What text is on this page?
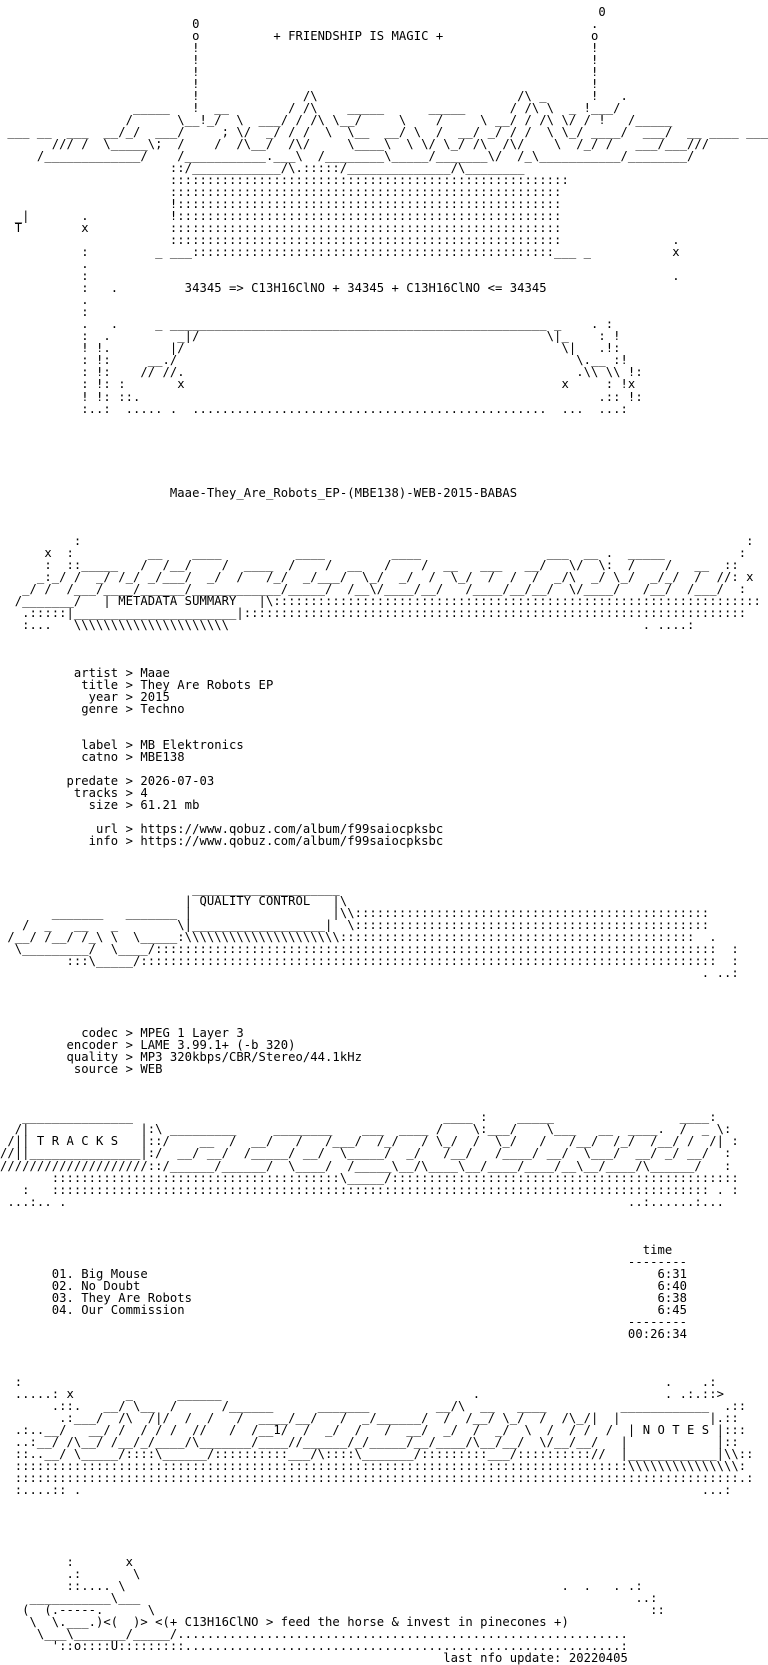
0
0                                                     .
o          + FRIENDSHIP IS MAGIC +                    o
!                                                     !
!                                                     !
!                                                     !
!                                                     !
!              /\                           /\ _      !   .
_____   !  __        / /\    _____      _____      / /\ \  _ !___/
/      \__!_/  \  ___/ / /\ \__/     \    /     \ __/ / /\ \/ / !   /_____
___ __  ___  __/_/  ___/     ; \/  _/ / /  \  \__  __/ \  /  __/ _/ / /  \ \_/ ____/  ___/  __ ____ ___
/// /  \_____\;  /    /  /\__/  /\/     \____\  \ \/ \_/ /\  /\/    \  /_/ /   ___/___///
/_____________/    /___________.___\  /________\_____/_______\/  /_\___________/________/
::/____________/\.:::::/______________/\________
::::::::::::::::::::::::::::::::::::::::::::::::::::::
:::::::::::::::::::::::::::::::::::::::::::::::::::::
!::::::::::::::::::::::::::::::::::::::::::::::::::::
_|       .           !::::::::::::::::::::::::::::::::::::::::::::::::::::
T        x           :::::::::::::::::::::::::::::::::::::::::::::::::::::
:::::::::::::::::::::::::::::::::::::::::::::::::::::               .
:         _ ___:::::::::::::::::::::::::::::::::::::::::::::::::___ _           x
.
:                                                                               .
:   .         34345 => C13H16ClNO + 34345 + C13H16ClNO <= 34345
.
:
.   .     _ ___________________________________________________ _    . :
:  .         _|/                                               \|_    : !
! !.        |/                                                   \|   .!:
: !:     __./                                                      \.__ :!
: !:    // //.                                                     .\\ \\ !:
: !: :       x                                                   x     : !x
! !: ::.                                                              .:: !:
:..:  ..... .  ................................................  ...  ...:

Maae-They_Are_Robots_EP-(MBE138)-WEB-2015-BABAS

:                                                                                          :
x  :          __    ____          ____         ____                 ___  __ .  _____          :
:  ::_____   /  /__/    /  ____  /    /  __   /    /  __   ___   __/   \/  \:  /    /   __  ::
_:_/ /  _/ /_/ _/___/  _/  /   /_/  _/___/  \_/  _/  /  \_/  /  /  /  _/\  _/ \_/  _/_/  /  //: x
_/ /  /___/____/______/____________/_____/  /__\/____/__/   /____/__/__/  \/____/   /__/  /___/  :
/_______/   | METADATA SUMMARY   |\::::::::::::::::::::::::::::::::::::::::::::::::::::::::::::::::::
.:::::|______________________|::::::::::::::::::::::::::::::::::::::::::::::::::::::::::::::::::::
:...   \\\\\\\\\\\\\\\\\\\\\                                                        . ....:

artist > Maae
title > They Are Robots EP
year > 2015
genre > Techno

label > MB Elektronics
catno > MBE138

predate > 2026-07-03
tracks > 4
size > 61.21 mb

url > https://www.qobuz.com/album/f99saiocpksbc
info > https://www.qobuz.com/album/f99saiocpksbc

____________________
| QUALITY CONTROL   |\
_______   _______ |                   |\\::::::::::::::::::::::::::::::::::::::::::::::::
/  _   __   _        \|__________________|  \::::::::::::::::::::::::::::::::::::::::::::::::
/__/ /__/ /_\ \  \_____:\\\\\\\\\\\\\\\\\\\\\::::::::::::::::::::::::::::::::::::::::::::::::  .
\_________/  \____/::::::::::::::::::::::::::::::::::::::::::::::::::::::::::::::::::::::::::::  :
:::\_____/::::::::::::::::::::::::::::::::::::::::::::::::::::::::::::::::::::::::::::::  :
. ..:

codec > MPEG 1 Layer 3
encoder > LAME 3.99.1+ (-b 320)
quality > MP3 320kbps/CBR/Stereo/44.1kHz
source > WEB

_______________                                          ____ :    _____                 ____:
/|               |:\ _________     ________    ___  ____ /    \:___/    \___   __  ____.  /  _ \:
/|| T R A C K S   |::/    __  /  __/   /   /___/  /_/   / \_/  /  \_/   /   /__/  /_/  /__/ /  /| :
//||_______________|:/  __/ __/  /_____/ __/  \_____/  _/   /__/   /____/ __/  \___/  __/ _/ __/  :
////////////////////::/______/______/  \____/  /_____\__/\____\__/____/____/__\__/____/\______/   :
:::::::::::::::::::::::::::::::::::::::\_____/:::::::::::::::::::::::::::::::::::::::::::::::
:   ::::::::::::::::::::::::::::::::::::::::::::::::::::::::::::::::::::::::::::::::::::::::: . :
...:.. .                                                                            ..:......:...

time
--------
01. Big Mouse                                                                     6:31
02. No Doubt                                                                      6:40
03. They Are Robots                                                               6:38
04. Our Commission                                                                6:45
--------
00:26:34

:                                                                                       .    .:
.....: x       _      ______                                  .                         . .:.::>
.::.   __/ \__  /      /______      _______         __/\  __   ____          ____________  .::
.:___/  /\  /|/  /  /   /  ____/__/   /  _/______/  /  /__/ \_/  /  /\_/|  |            |.::
.:..__/   __/ /  / / /  //   /  /__1/  /  _/  /   /  __/  _/  /  _/  \  /  / /  /  | N O T E S |:::
..:__/ /\__/ /__/_/____/\_______/____//______/_/_____/__/____/\__/__/  \/__/__/   |            |::
::..__/ \_____/::::\______/::::::::::___/\::::\_______/:::::::::___/:::::::::://  |____________|\\::
:::::::::::::::::::::::::::::::::::::::::::::::::::::::::::::::::::::::::::::::::::\\\\\\\\\\\\\\\:
::::::::::::::::::::::::::::::::::::::::::::::::::::::::::::::::::::::::::::::::::::::::::::::::::.:
:....:: .                                                                                    ...:

:       x
.:       \
::.... \                                                           .  .   . .:
___________\___                                                                   ..:
(  (.-----.      \                                                                   ::
\  \.___.)<(  )> <(+ C13H16ClNO > feed the horse & invest in pinecones +)
\___\_______/_____/.............................................................
'::o::::U:::::::::...........................................................:
last nfo update: 20220405
